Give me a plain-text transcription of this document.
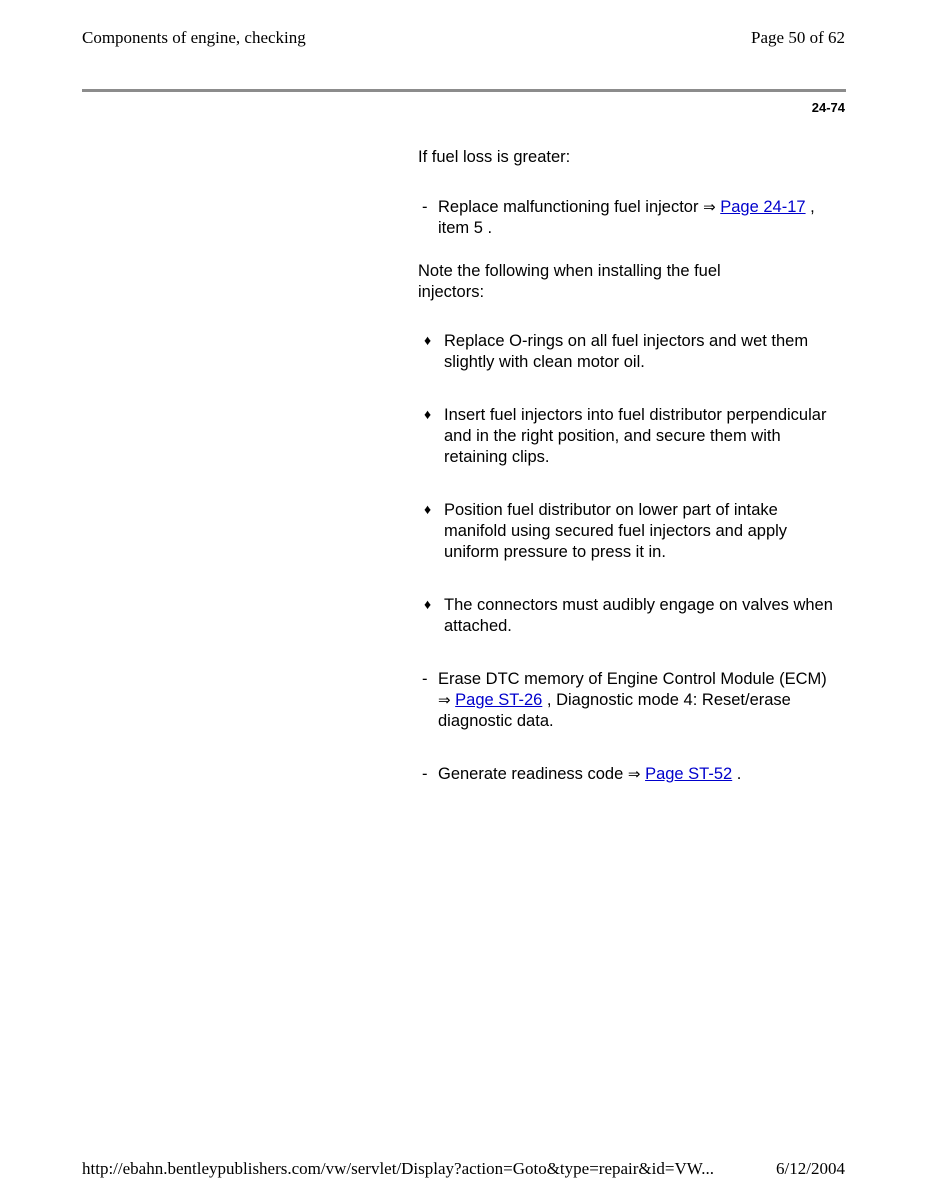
Components of engine, checking	Page 50 of 62
24-74

If fuel loss is greater:

- Replace malfunctioning fuel injector ⇒ Page 24-17 , item 5 .

Note the following when installing the fuel injectors:

♦ Replace O-rings on all fuel injectors and wet them slightly with clean motor oil.
♦ Insert fuel injectors into fuel distributor perpendicular and in the right position, and secure them with retaining clips.
♦ Position fuel distributor on lower part of intake manifold using secured fuel injectors and apply uniform pressure to press it in.
♦ The connectors must audibly engage on valves when attached.
- Erase DTC memory of Engine Control Module (ECM) ⇒ Page ST-26 , Diagnostic mode 4: Reset/erase diagnostic data.
- Generate readiness code ⇒ Page ST-52 .
http://ebahn.bentleypublishers.com/vw/servlet/Display?action=Goto&type=repair&id=VW...	6/12/2004
